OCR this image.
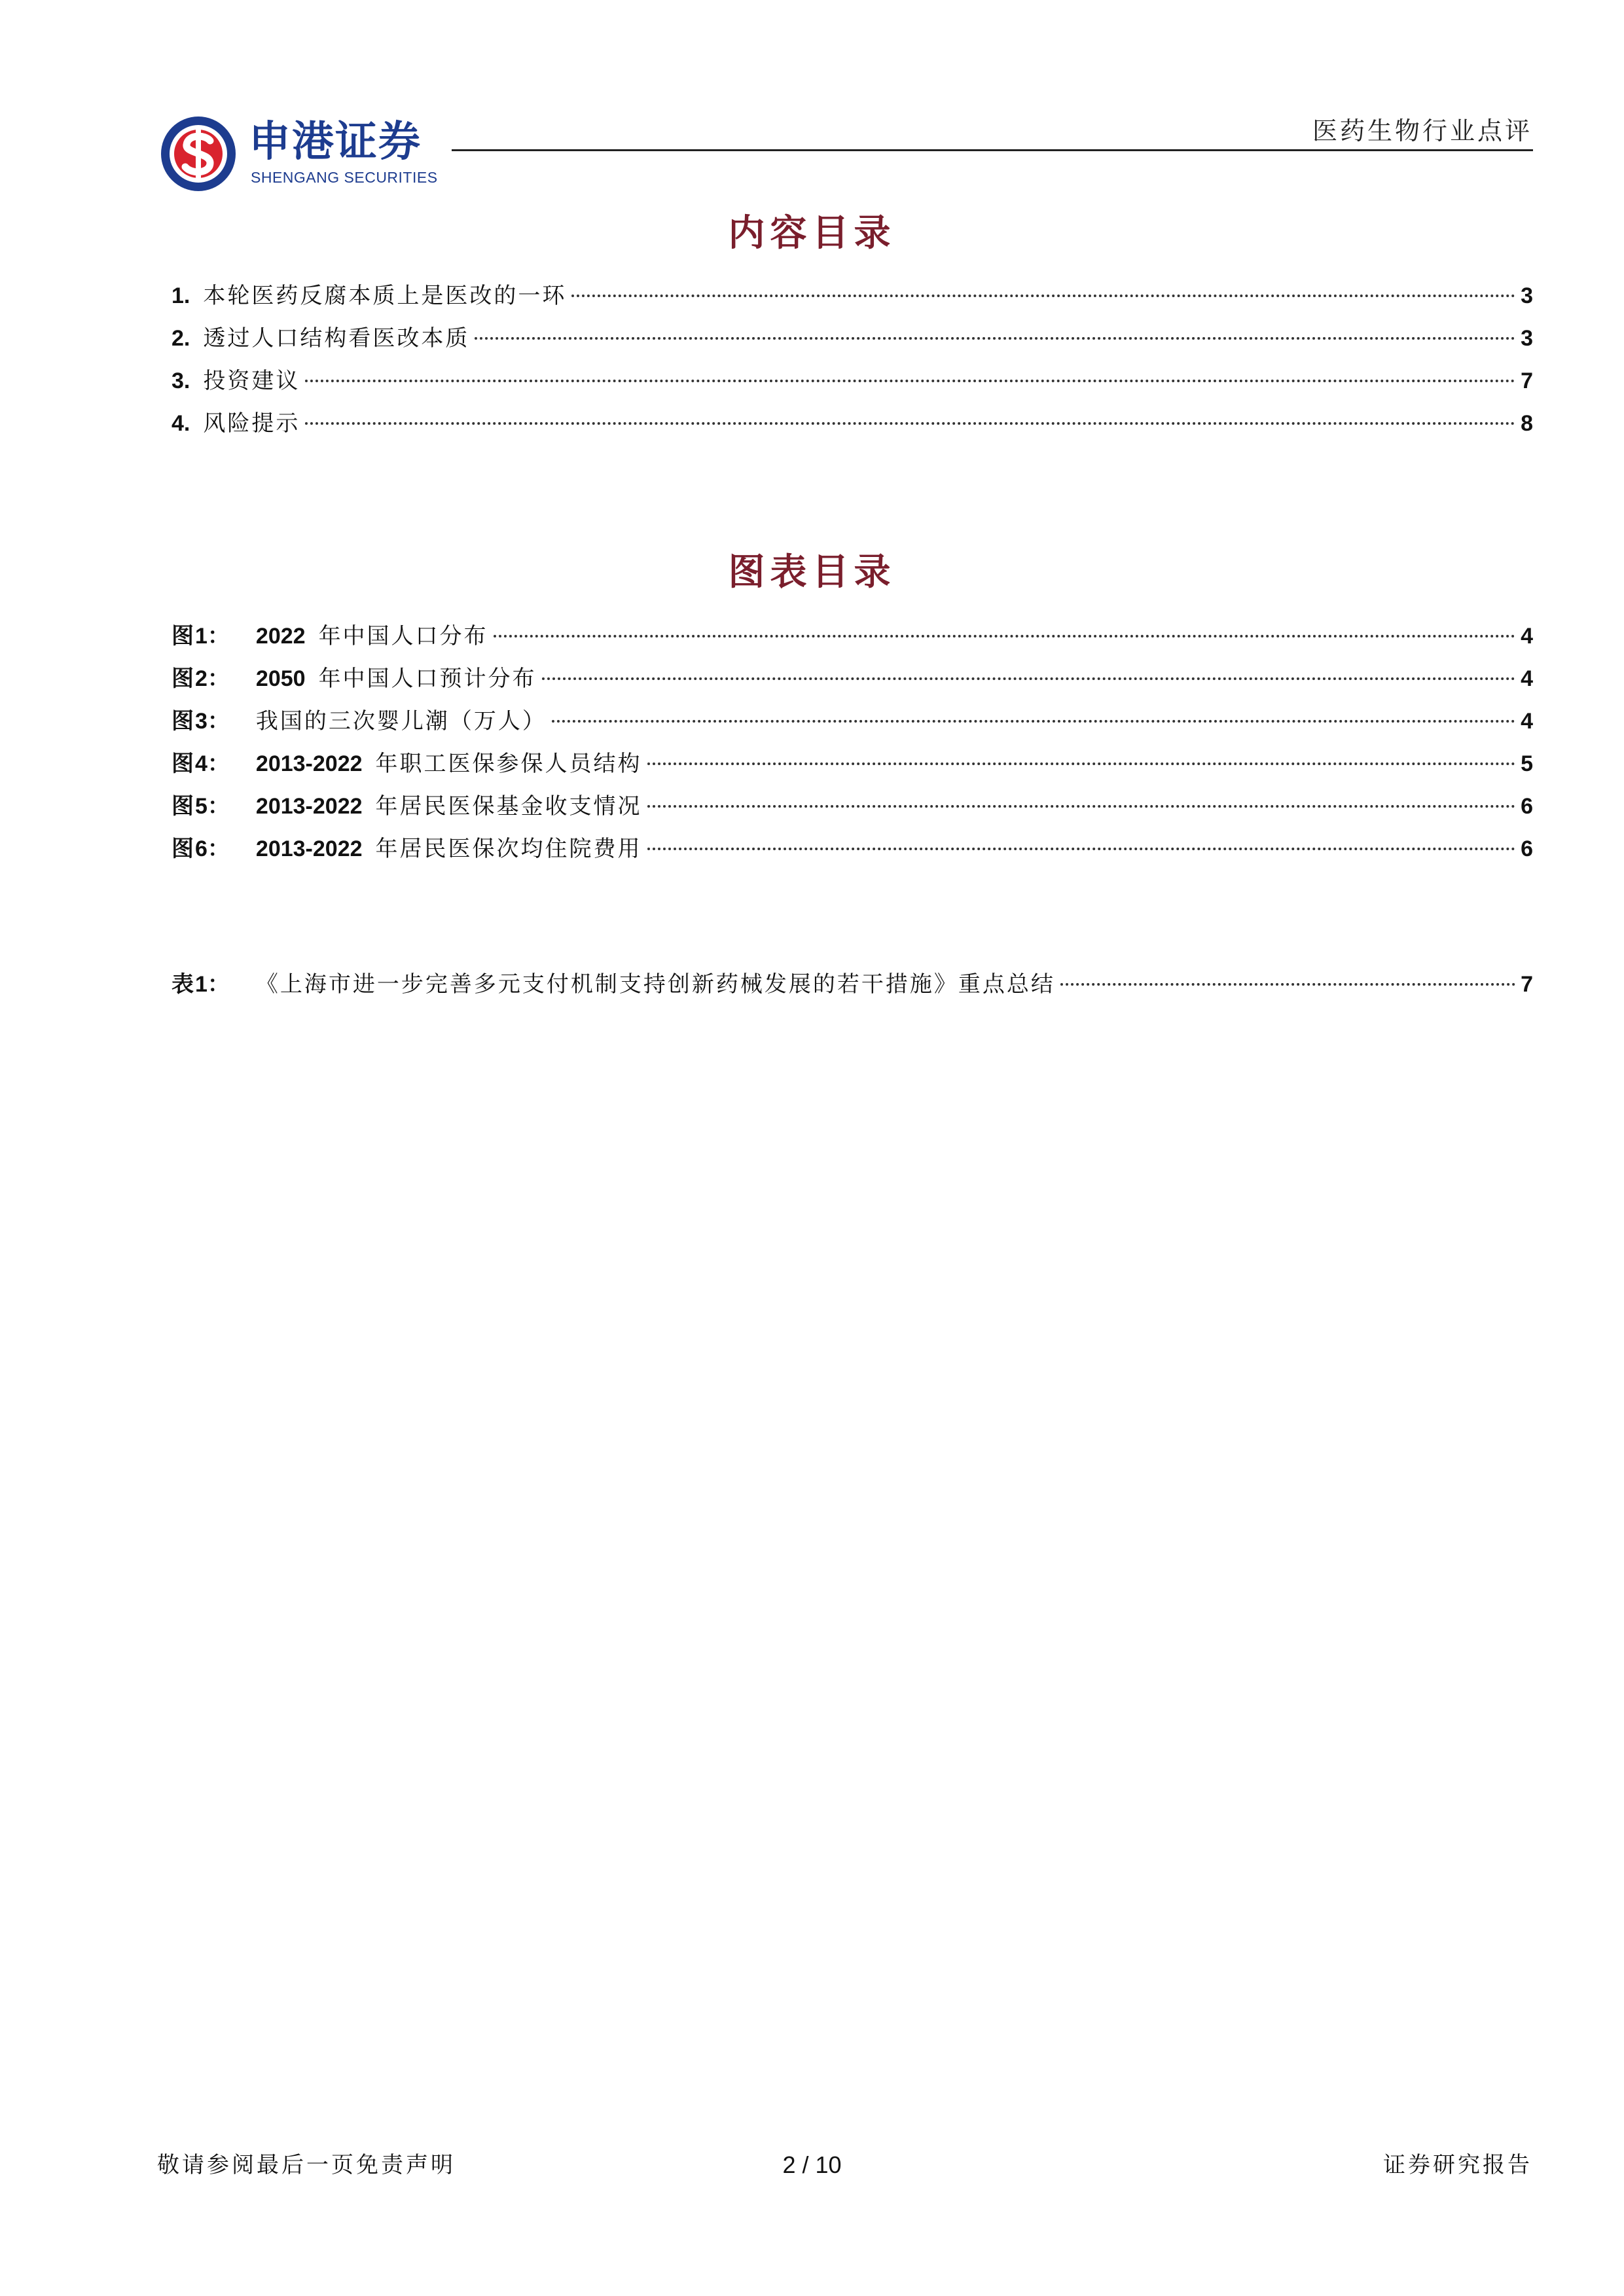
申港证券
SHENGANG SECURITIES
医药生物行业点评
内容目录
1. 本轮医药反腐本质上是医改的一环	3
2. 透过人口结构看医改本质	3
3. 投资建议	7
4. 风险提示	8
图表目录
图 1： 2022 年中国人口分布	4
图 2： 2050 年中国人口预计分布	4
图 3： 我国的三次婴儿潮（万人）	4
图 4： 2013-2022 年职工医保参保人员结构	5
图 5： 2013-2022 年居民医保基金收支情况	6
图 6： 2013-2022 年居民医保次均住院费用	6
表 1： 《上海市进一步完善多元支付机制支持创新药械发展的若干措施》重点总结	7
敬请参阅最后一页免责声明	2 / 10	证券研究报告
